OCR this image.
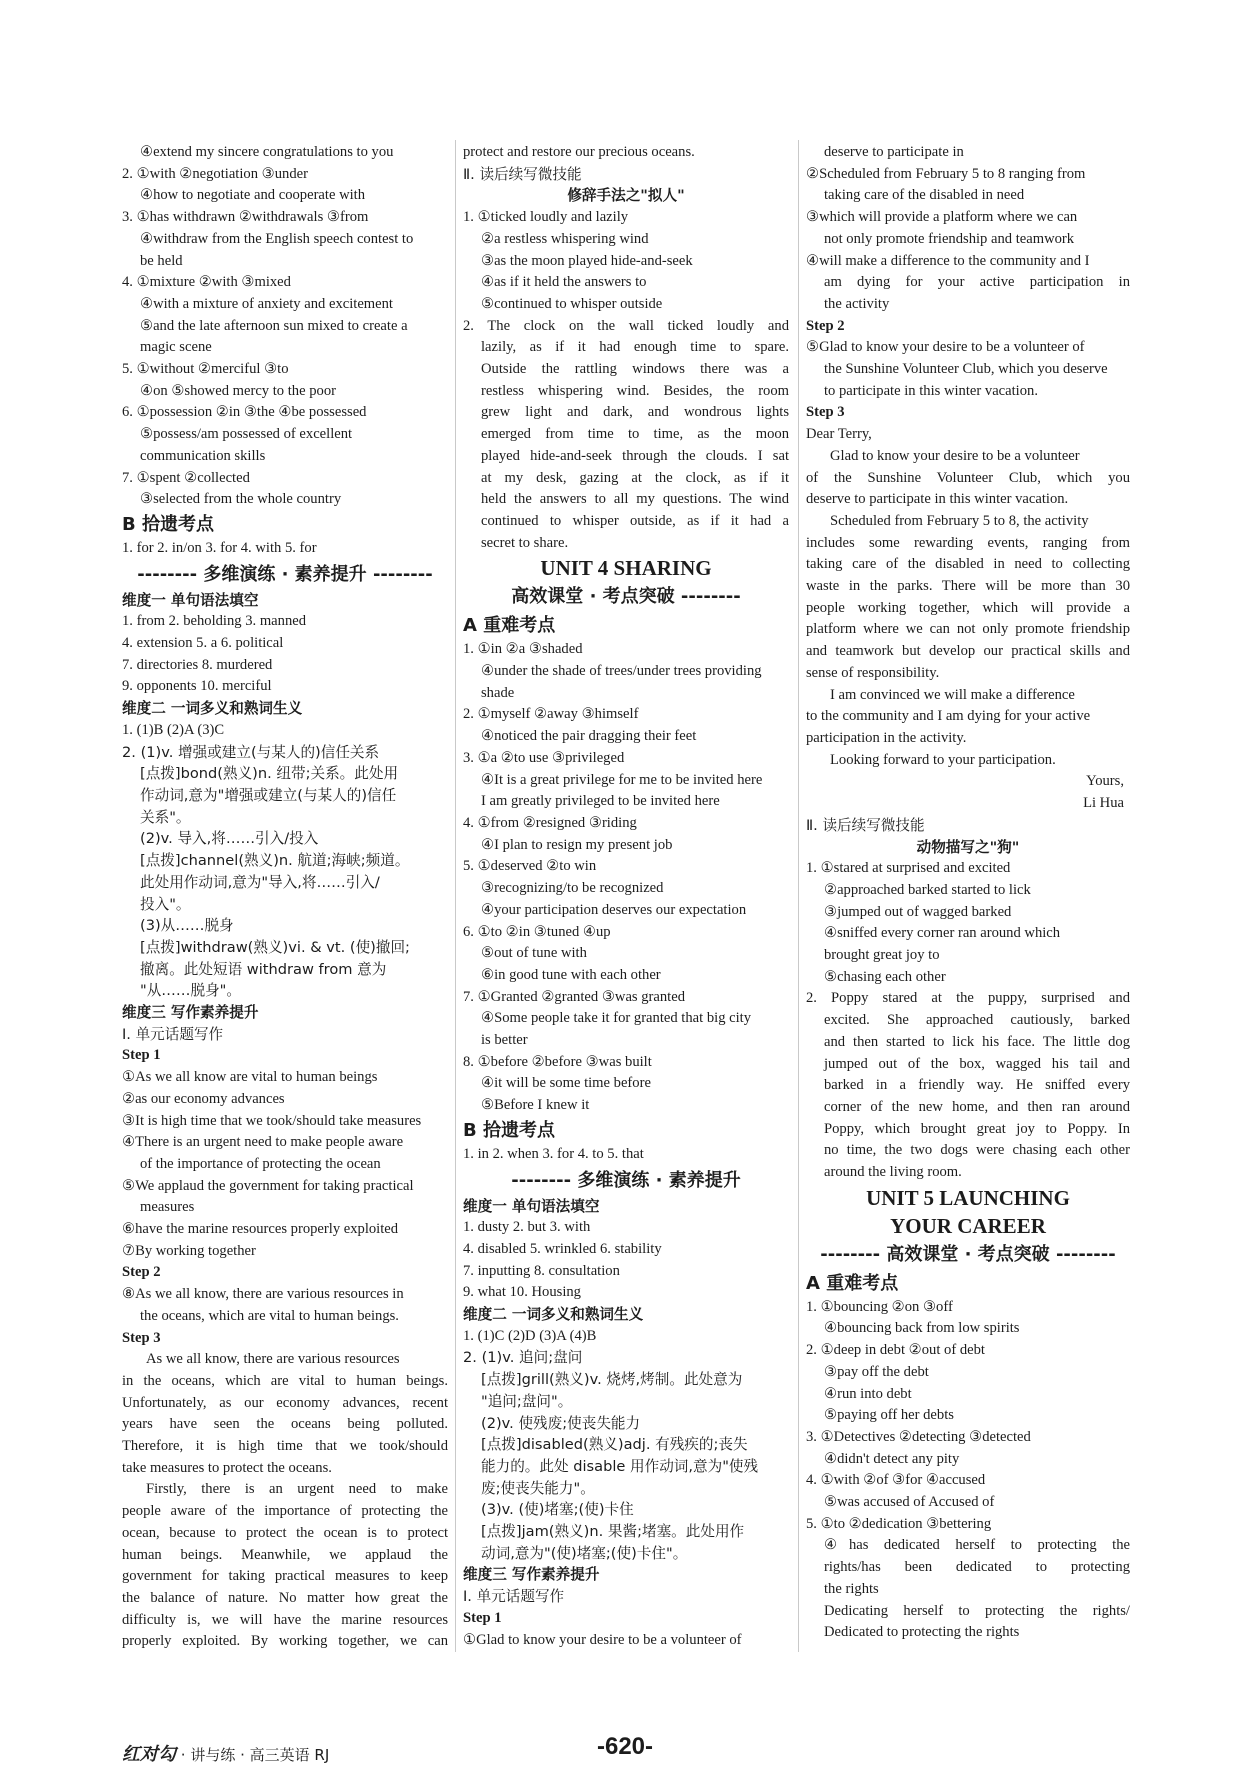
④extend my sincere congratulations to you
2. ①with ②negotiation ③under
④how to negotiate and cooperate with
3. ①has withdrawn ②withdrawals ③from
④withdraw from the English speech contest to
be held
4. ①mixture ②with ③mixed
④with a mixture of anxiety and excitement
⑤and the late afternoon sun mixed to create a
magic scene
5. ①without ②merciful ③to
④on ⑤showed mercy to the poor
6. ①possession ②in ③the ④be possessed
⑤possess/am possessed of excellent
communication skills
7. ①spent ②collected
③selected from the whole country
B 拾遗考点
1. for 2. in/on 3. for 4. with 5. for
-------- 多维演练 · 素养提升 --------
维度一 单句语法填空
1. from 2. beholding 3. manned
4. extension 5. a 6. political
7. directories 8. murdered
9. opponents 10. merciful
维度二 一词多义和熟词生义
1. (1)B (2)A (3)C
2. (1)v. 增强或建立(与某人的)信任关系
[点拨]bond(熟义)n. 纽带;关系。此处用
作动词,意为"增强或建立(与某人的)信任
关系"。
(2)v. 导入,将……引入/投入
[点拨]channel(熟义)n. 航道;海峡;频道。
此处用作动词,意为"导入,将……引入/
投入"。
(3)从……脱身
[点拨]withdraw(熟义)vi. & vt. (使)撤回;
撤离。此处短语 withdraw from 意为
"从……脱身"。
维度三 写作素养提升
Ⅰ. 单元话题写作
Step 1
①As we all know are vital to human beings
②as our economy advances
③It is high time that we took/should take measures
④There is an urgent need to make people aware
of the importance of protecting the ocean
⑤We applaud the government for taking practical
measures
⑥have the marine resources properly exploited
⑦By working together
Step 2
⑧As we all know, there are various resources in
the oceans, which are vital to human beings.
Step 3
As we all know, there are various resources
in the oceans, which are vital to human beings.
Unfortunately, as our economy advances, recent
years have seen the oceans being polluted.
Therefore, it is high time that we took/should
take measures to protect the oceans.
Firstly, there is an urgent need to make
people aware of the importance of protecting the
ocean, because to protect the ocean is to protect
human beings. Meanwhile, we applaud the
government for taking practical measures to keep
the balance of nature. No matter how great the
difficulty is, we will have the marine resources
properly exploited. By working together, we can
protect and restore our precious oceans.
Ⅱ. 读后续写微技能
修辞手法之"拟人"
1. ①ticked loudly and lazily
②a restless whispering wind
③as the moon played hide-and-seek
④as if it held the answers to
⑤continued to whisper outside
2. The clock on the wall ticked loudly and
lazily, as if it had enough time to spare.
Outside the rattling windows there was a
restless whispering wind. Besides, the room
grew light and dark, and wondrous lights
emerged from time to time, as the moon
played hide-and-seek through the clouds. I sat
at my desk, gazing at the clock, as if it
held the answers to all my questions. The wind
continued to whisper outside, as if it had a
secret to share.
UNIT 4 SHARING
高效课堂 · 考点突破 --------
A 重难考点
1. ①in ②a ③shaded
④under the shade of trees/under trees providing
shade
2. ①myself ②away ③himself
④noticed the pair dragging their feet
3. ①a ②to use ③privileged
④It is a great privilege for me to be invited here
I am greatly privileged to be invited here
4. ①from ②resigned ③riding
④I plan to resign my present job
5. ①deserved ②to win
③recognizing/to be recognized
④your participation deserves our expectation
6. ①to ②in ③tuned ④up
⑤out of tune with
⑥in good tune with each other
7. ①Granted ②granted ③was granted
④Some people take it for granted that big city
is better
8. ①before ②before ③was built
④it will be some time before
⑤Before I knew it
B 拾遗考点
1. in 2. when 3. for 4. to 5. that
-------- 多维演练 · 素养提升
维度一 单句语法填空
1. dusty 2. but 3. with
4. disabled 5. wrinkled 6. stability
7. inputting 8. consultation
9. what 10. Housing
维度二 一词多义和熟词生义
1. (1)C (2)D (3)A (4)B
2. (1)v. 追问;盘问
[点拨]grill(熟义)v. 烧烤,烤制。此处意为
"追问;盘问"。
(2)v. 使残废;使丧失能力
[点拨]disabled(熟义)adj. 有残疾的;丧失
能力的。此处 disable 用作动词,意为"使残
废;使丧失能力"。
(3)v. (使)堵塞;(使)卡住
[点拨]jam(熟义)n. 果酱;堵塞。此处用作
动词,意为"(使)堵塞;(使)卡住"。
维度三 写作素养提升
Ⅰ. 单元话题写作
Step 1
①Glad to know your desire to be a volunteer of
deserve to participate in
②Scheduled from February 5 to 8 ranging from
taking care of the disabled in need
③which will provide a platform where we can
not only promote friendship and teamwork
④will make a difference to the community and I
am dying for your active participation in
the activity
Step 2
⑤Glad to know your desire to be a volunteer of
the Sunshine Volunteer Club, which you deserve
to participate in this winter vacation.
Step 3
Dear Terry,
Glad to know your desire to be a volunteer
of the Sunshine Volunteer Club, which you
deserve to participate in this winter vacation.
Scheduled from February 5 to 8, the activity
includes some rewarding events, ranging from
taking care of the disabled in need to collecting
waste in the parks. There will be more than 30
people working together, which will provide a
platform where we can not only promote friendship
and teamwork but develop our practical skills and
sense of responsibility.
I am convinced we will make a difference
to the community and I am dying for your active
participation in the activity.
Looking forward to your participation.
Yours,
Li Hua
Ⅱ. 读后续写微技能
动物描写之"狗"
1. ①stared at surprised and excited
②approached barked started to lick
③jumped out of wagged barked
④sniffed every corner ran around which
brought great joy to
⑤chasing each other
2. Poppy stared at the puppy, surprised and
excited. She approached cautiously, barked
and then started to lick his face. The little dog
jumped out of the box, wagged his tail and
barked in a friendly way. He sniffed every
corner of the new home, and then ran around
Poppy, which brought great joy to Poppy. In
no time, the two dogs were chasing each other
around the living room.
UNIT 5 LAUNCHING
YOUR CAREER
-------- 高效课堂 · 考点突破 --------
A 重难考点
1. ①bouncing ②on ③off
④bouncing back from low spirits
2. ①deep in debt ②out of debt
③pay off the debt
④run into debt
⑤paying off her debts
3. ①Detectives ②detecting ③detected
④didn't detect any pity
4. ①with ②of ③for ④accused
⑤was accused of Accused of
5. ①to ②dedication ③bettering
④has dedicated herself to protecting the
rights/has been dedicated to protecting
the rights
Dedicating herself to protecting the rights/
Dedicated to protecting the rights
红对勾 · 讲与练 · 高三英语 RJ	-620-
